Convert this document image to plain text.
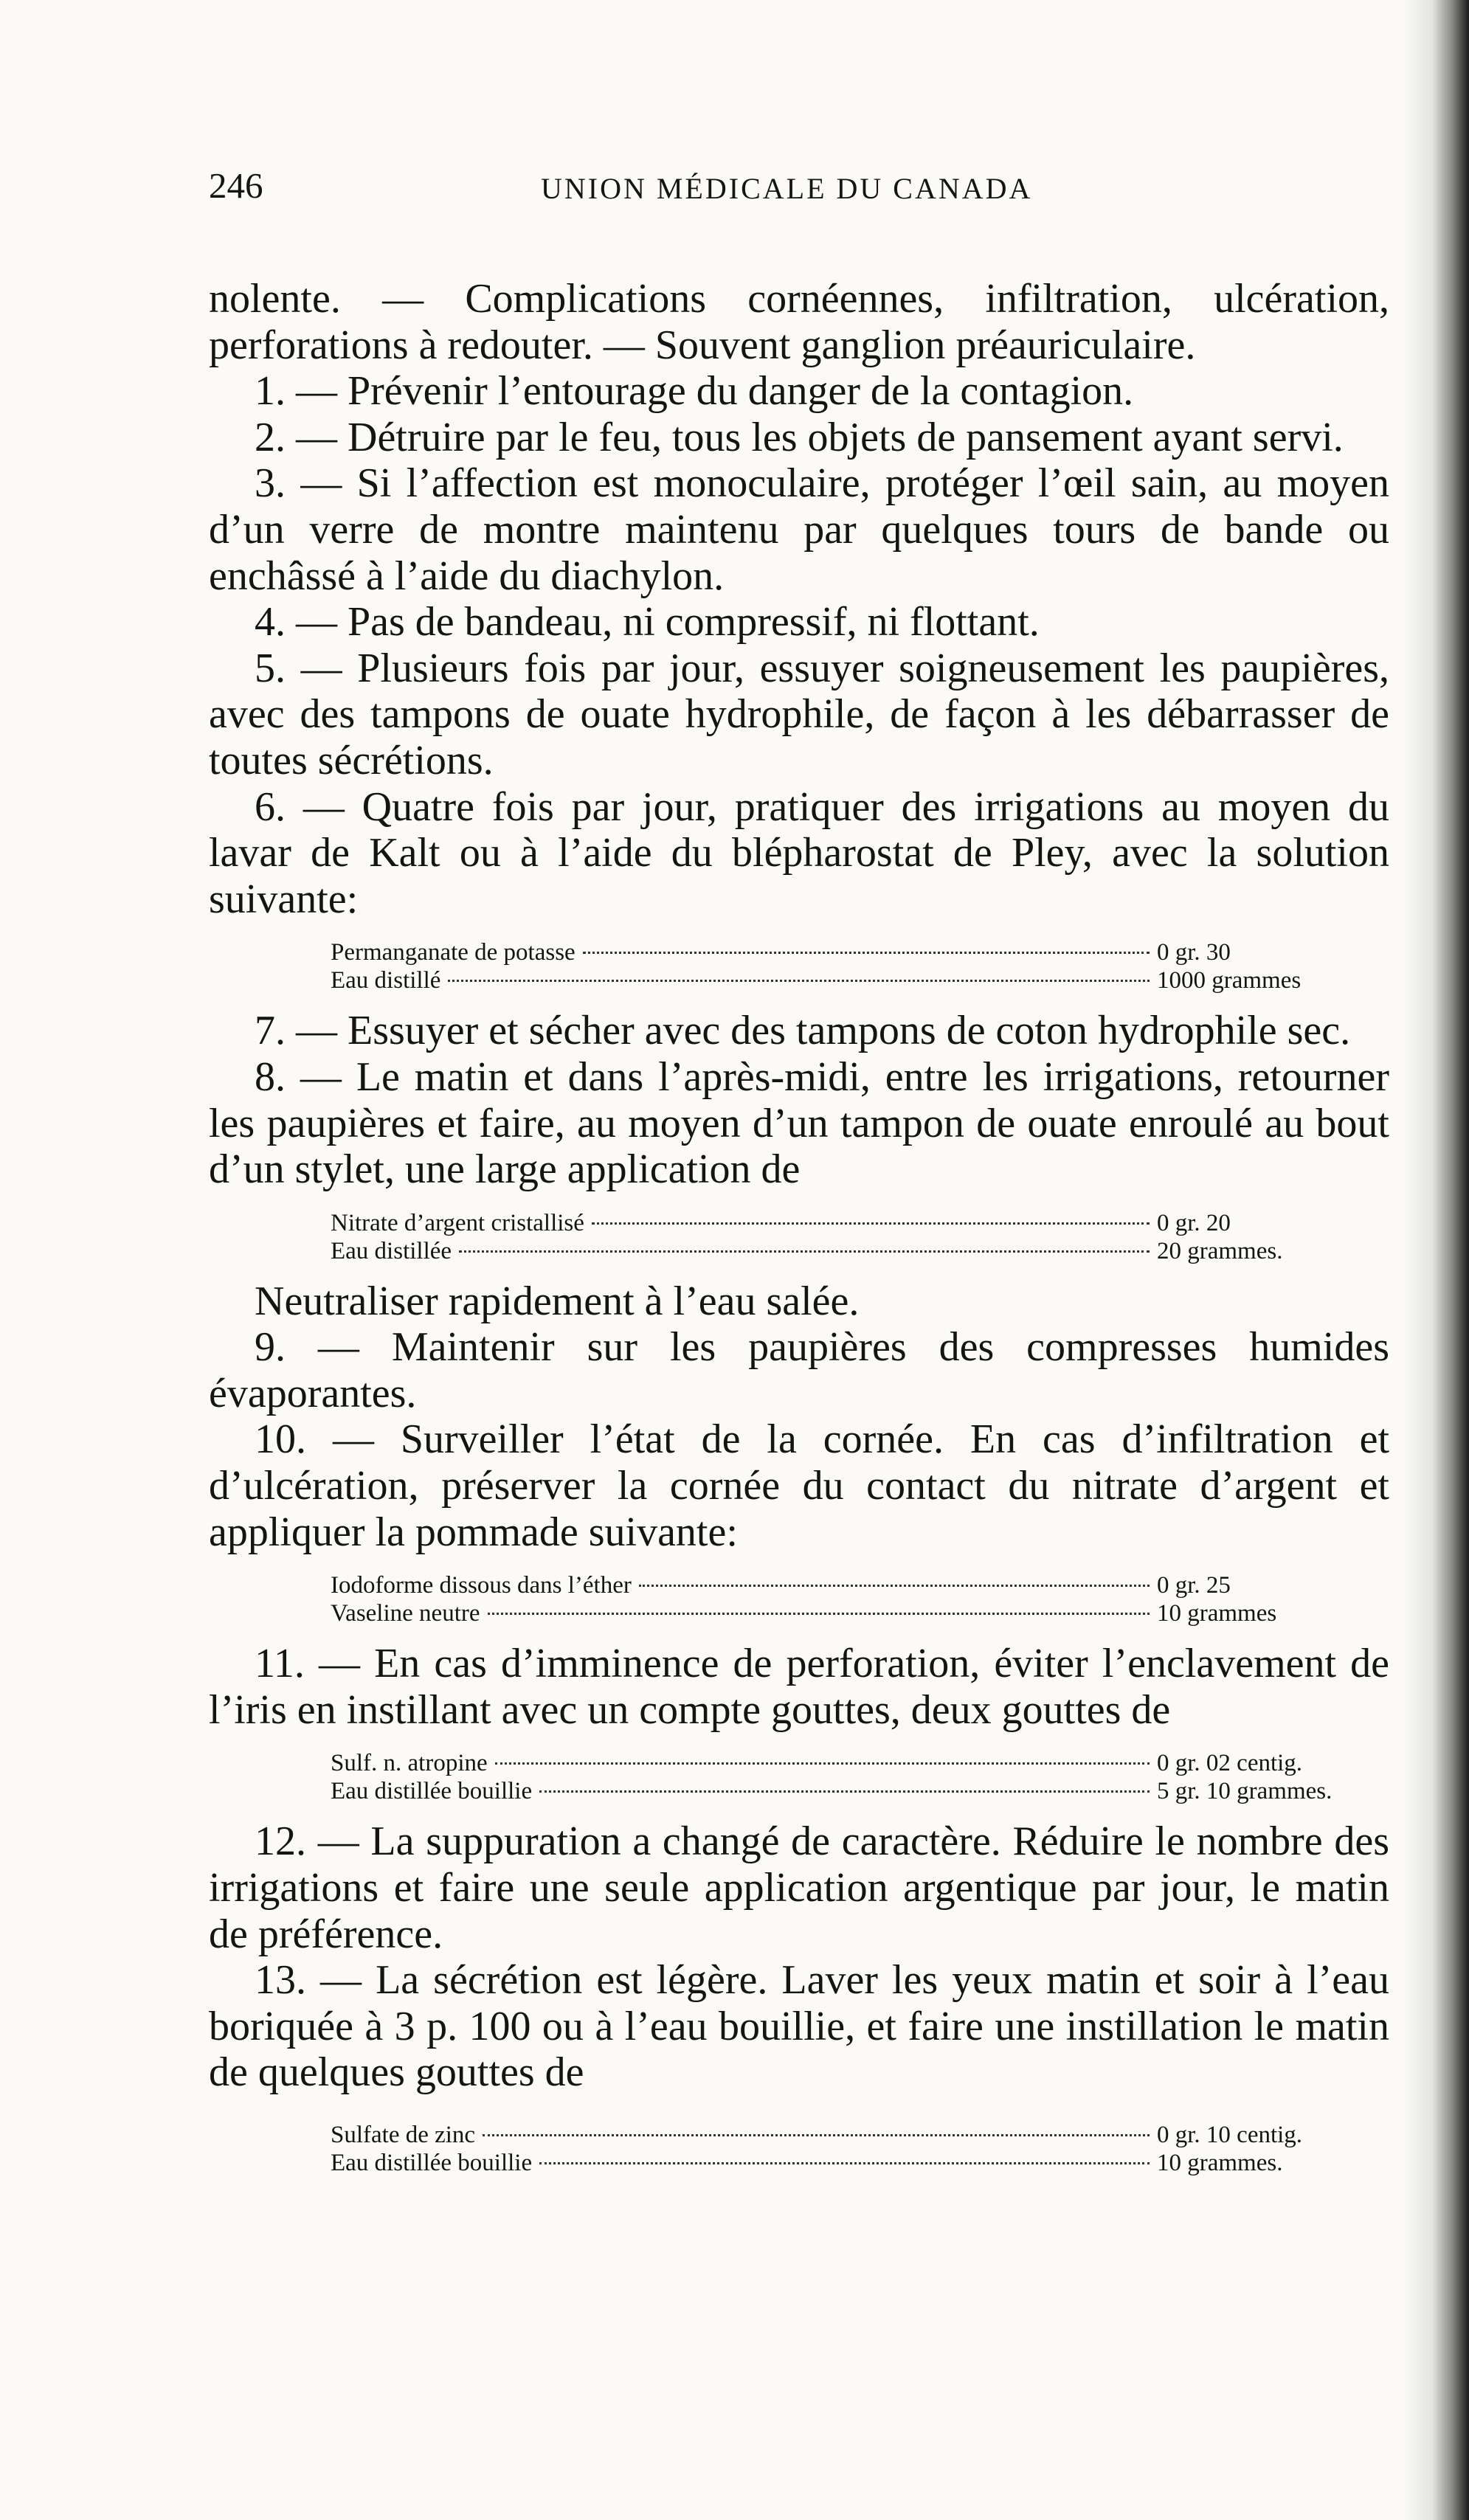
246	UNION MÉDICALE DU CANADA

nolente. — Complications cornéennes, infiltration, ulcération, perforations à redouter. — Souvent ganglion préauriculaire.

1. — Prévenir l’entourage du danger de la contagion.

2. — Détruire par le feu, tous les objets de pansement ayant servi.

3. — Si l’affection est monoculaire, protéger l’œil sain, au moyen d’un verre de montre maintenu par quelques tours de bande ou enchâssé à l’aide du diachylon.

4. — Pas de bandeau, ni compressif, ni flottant.

5. — Plusieurs fois par jour, essuyer soigneusement les paupières, avec des tampons de ouate hydrophile, de façon à les débarrasser de toutes sécrétions.

6. — Quatre fois par jour, pratiquer des irrigations au moyen du lavar de Kalt ou à l’aide du blépharostat de Pley, avec la solution suivante:

Permanganate de potasse	0 gr. 30
Eau distillé	1000 grammes

7. — Essuyer et sécher avec des tampons de coton hydrophile sec.

8. — Le matin et dans l’après-midi, entre les irrigations, retourner les paupières et faire, au moyen d’un tampon de ouate enroulé au bout d’un stylet, une large application de

Nitrate d’argent cristallisé	0 gr. 20
Eau distillée	20 grammes.

Neutraliser rapidement à l’eau salée.

9. — Maintenir sur les paupières des compresses humides évaporantes.

10. — Surveiller l’état de la cornée. En cas d’infiltration et d’ulcération, préserver la cornée du contact du nitrate d’argent et appliquer la pommade suivante:

Iodoforme dissous dans l’éther	0 gr. 25
Vaseline neutre	10 grammes

11. — En cas d’imminence de perforation, éviter l’enclavement de l’iris en instillant avec un compte gouttes, deux gouttes de

Sulf. n. atropine	0 gr. 02 centig.
Eau distillée bouillie	5 gr. 10 grammes.

12. — La suppuration a changé de caractère. Réduire le nombre des irrigations et faire une seule application argentique par jour, le matin de préférence.

13. — La sécrétion est légère. Laver les yeux matin et soir à l’eau boriquée à 3 p. 100 ou à l’eau bouillie, et faire une instillation le matin de quelques gouttes de

Sulfate de zinc	0 gr. 10 centig.
Eau distillée bouillie	10 grammes.
